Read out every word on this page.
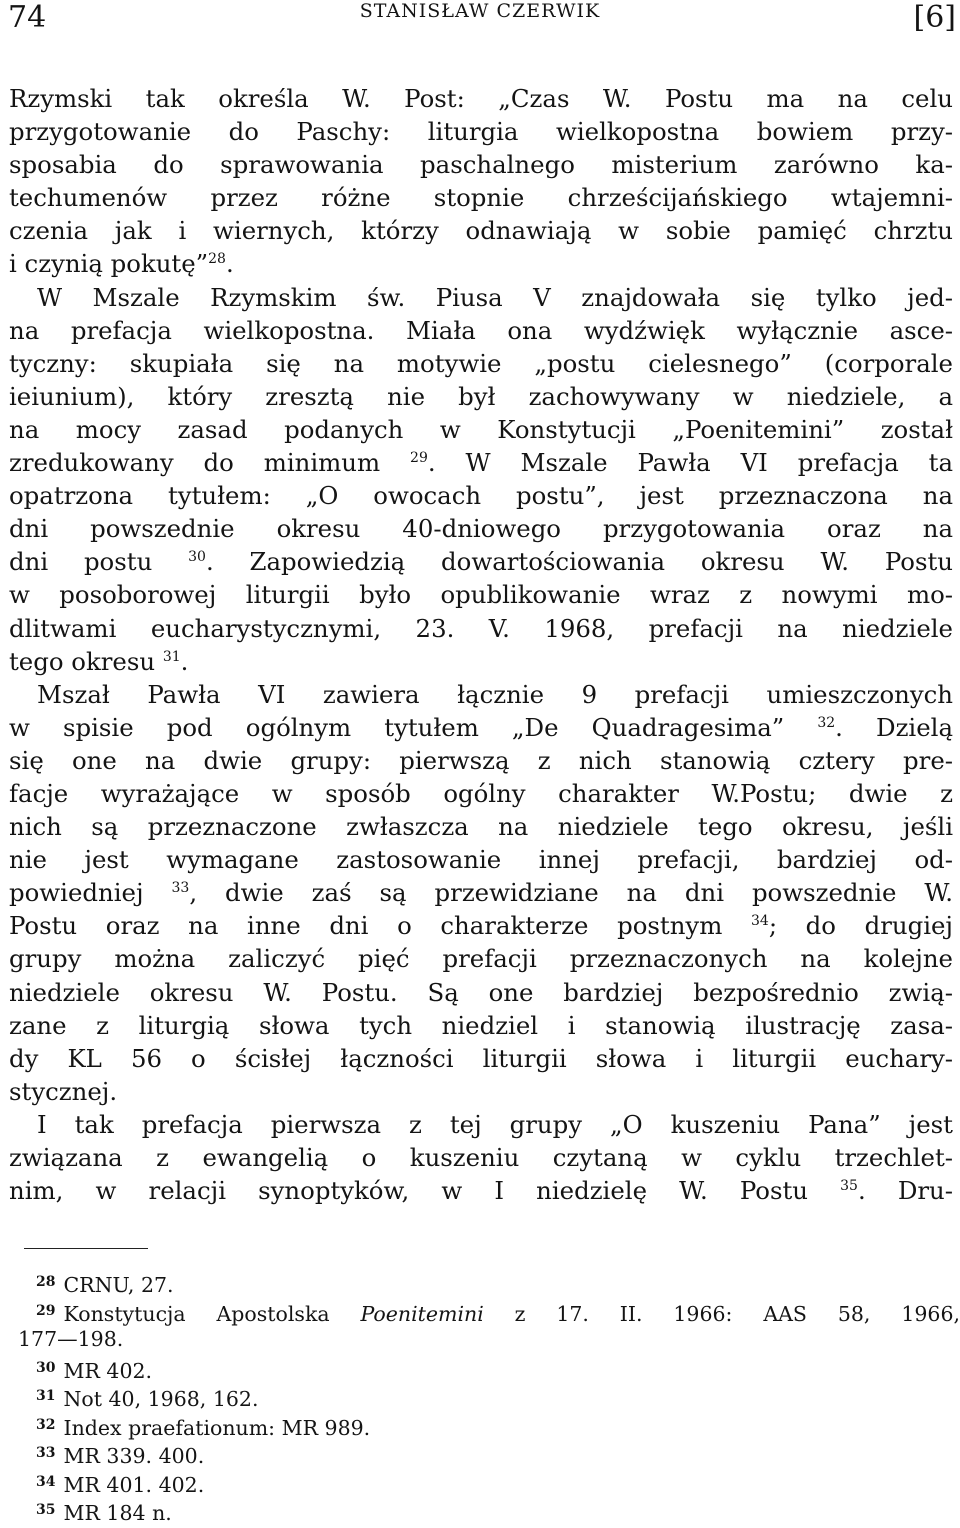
74	STANISŁAW CZERWIK	[6]
Rzymski tak określa W. Post: „Czas W. Postu ma na celu
przygotowanie do Paschy: liturgia wielkopostna bowiem przy-
sposabia do sprawowania paschalnego misterium zarówno ka-
techumenów przez różne stopnie chrześcijańskiego wtajemni-
czenia jak i wiernych, którzy odnawiają w sobie pamięć chrztu
i czynią pokutę”$^{28}$.
W Mszale Rzymskim św. Piusa V znajdowała się tylko jed-
na prefacja wielkopostna. Miała ona wydźwięk wyłącznie asce-
tyczny: skupiała się na motywie „postu cielesnego” (corporale
ieiunium), który zresztą nie był zachowywany w niedziele, a
na mocy zasad podanych w Konstytucji „Poenitemini” został
zredukowany do minimum $^{29}$. W Mszale Pawła VI prefacja ta
opatrzona tytułem: „O owocach postu”, jest przeznaczona na
dni powszednie okresu 40-dniowego przygotowania oraz na
dni postu $^{30}$. Zapowiedzią dowartościowania okresu W. Postu
w posoborowej liturgii było opublikowanie wraz z nowymi mo-
dlitwami eucharystycznymi, 23. V. 1968, prefacji na niedziele
tego okresu $^{31}$.
Mszał Pawła VI zawiera łącznie 9 prefacji umieszczonych
w spisie pod ogólnym tytułem „De Quadragesima” $^{32}$. Dzielą
się one na dwie grupy: pierwszą z nich stanowią cztery pre-
facje wyrażające w sposób ogólny charakter W.Postu; dwie z
nich są przeznaczone zwłaszcza na niedziele tego okresu, jeśli
nie jest wymagane zastosowanie innej prefacji, bardziej od-
powiedniej $^{33}$, dwie zaś są przewidziane na dni powszednie W.
Postu oraz na inne dni o charakterze postnym $^{34}$; do drugiej
grupy można zaliczyć pięć prefacji przeznaczonych na kolejne
niedziele okresu W. Postu. Są one bardziej bezpośrednio zwią-
zane z liturgią słowa tych niedziel i stanowią ilustrację zasa-
dy KL 56 o ścisłej łączności liturgii słowa i liturgii euchary-
stycznej.
I tak prefacja pierwsza z tej grupy „O kuszeniu Pana” jest
związana z ewangelią o kuszeniu czytaną w cyklu trzechlet-
nim, w relacji synoptyków, w I niedzielę W. Postu $^{35}$. Dru-
$^{28}$ CRNU, 27.
$^{29}$ Konstytucja Apostolska Poenitemini z 17. II. 1966: AAS 58, 1966,
177—198.
$^{30}$ MR 402.
$^{31}$ Not 40, 1968, 162.
$^{32}$ Index praefationum: MR 989.
$^{33}$ MR 339. 400.
$^{34}$ MR 401. 402.
$^{35}$ MR 184 n.
